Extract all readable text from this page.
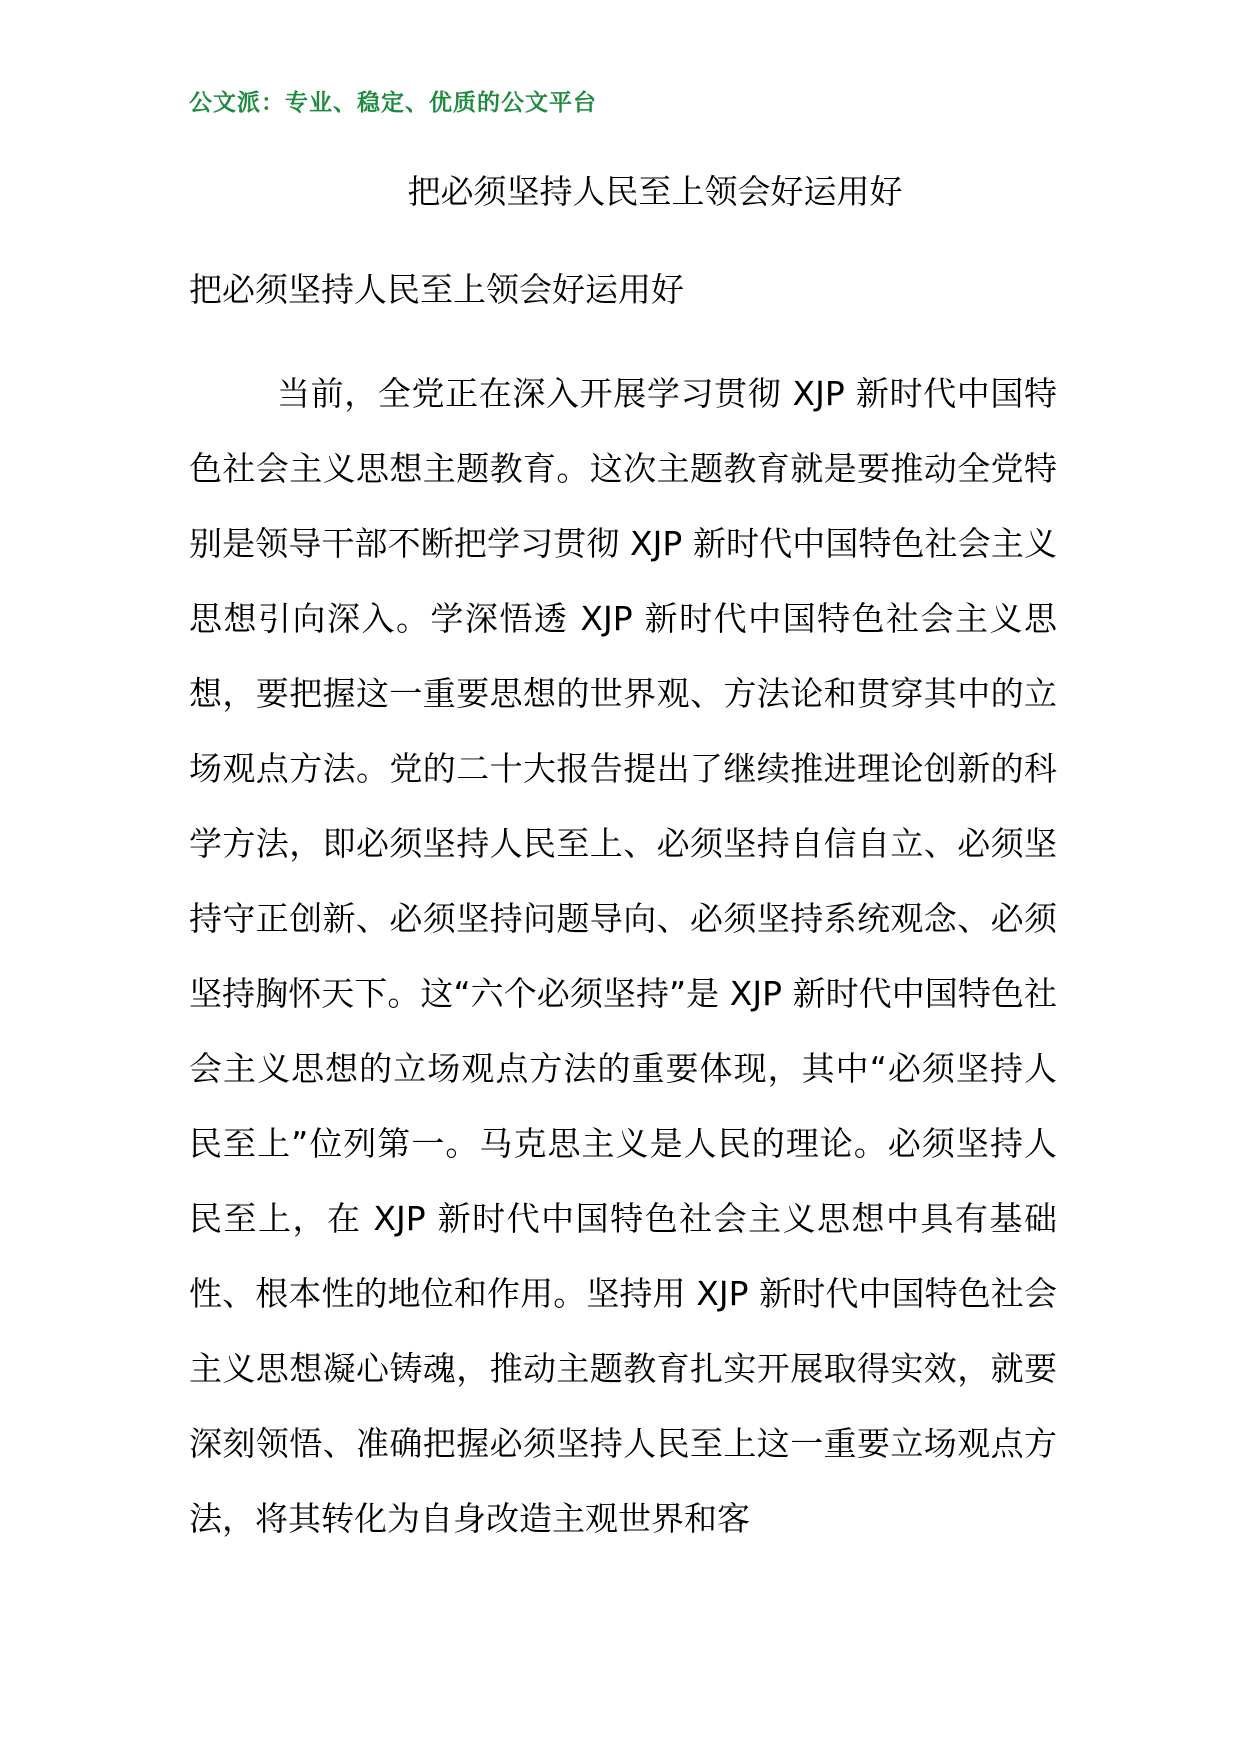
公文派：专业、稳定、优质的公文平台
把必须坚持人民至上领会好运用好
把必须坚持人民至上领会好运用好
当前，全党正在深入开展学习贯彻 XJP 新时代中国特色社会主义思想主题教育。这次主题教育就是要推动全党特别是领导干部不断把学习贯彻 XJP 新时代中国特色社会主义思想引向深入。学深悟透 XJP 新时代中国特色社会主义思想，要把握这一重要思想的世界观、方法论和贯穿其中的立场观点方法。党的二十大报告提出了继续推进理论创新的科学方法，即必须坚持人民至上、必须坚持自信自立、必须坚持守正创新、必须坚持问题导向、必须坚持系统观念、必须坚持胸怀天下。这“六个必须坚持”是 XJP 新时代中国特色社会主义思想的立场观点方法的重要体现，其中“必须坚持人民至上”位列第一。马克思主义是人民的理论。必须坚持人民至上，在 XJP 新时代中国特色社会主义思想中具有基础性、根本性的地位和作用。坚持用 XJP 新时代中国特色社会主义思想凝心铸魂，推动主题教育扎实开展取得实效，就要深刻领悟、准确把握必须坚持人民至上这一重要立场观点方法，将其转化为自身改造主观世界和客
